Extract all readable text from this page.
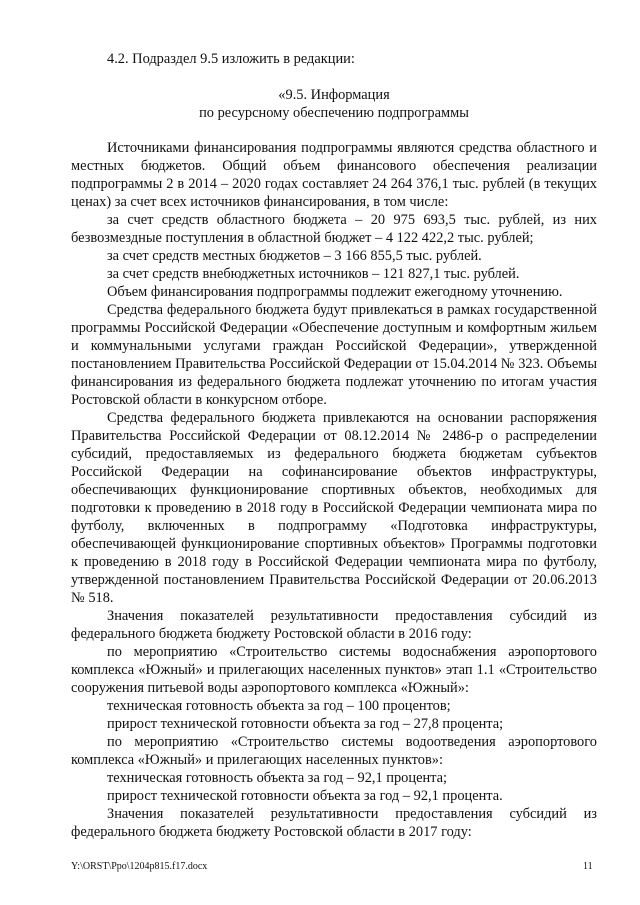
4.2. Подраздел 9.5 изложить в редакции:

«9.5. Информация

по ресурсному обеспечению подпрограммы

Источниками финансирования подпрограммы являются средства областного и местных бюджетов. Общий объем финансового обеспечения реализации подпрограммы 2 в 2014 – 2020 годах составляет 24 264 376,1 тыс. рублей (в текущих ценах) за счет всех источников финансирования, в том числе:

за счет средств областного бюджета – 20 975 693,5 тыс. рублей, из них безвозмездные поступления в областной бюджет – 4 122 422,2 тыс. рублей;

за счет средств местных бюджетов – 3 166 855,5 тыс. рублей.

за счет средств внебюджетных источников – 121 827,1 тыс. рублей.

Объем финансирования подпрограммы подлежит ежегодному уточнению.

Средства федерального бюджета будут привлекаться в рамках государственной программы Российской Федерации «Обеспечение доступным и комфортным жильем и коммунальными услугами граждан Российской Федерации», утвержденной постановлением Правительства Российской Федерации от 15.04.2014 № 323. Объемы финансирования из федерального бюджета подлежат уточнению по итогам участия Ростовской области в конкурсном отборе.

Средства федерального бюджета привлекаются на основании распоряжения Правительства Российской Федерации от 08.12.2014 № 2486-р о распределении субсидий, предоставляемых из федерального бюджета бюджетам субъектов Российской Федерации на софинансирование объектов инфраструктуры, обеспечивающих функционирование спортивных объектов, необходимых для подготовки к проведению в 2018 году в Российской Федерации чемпионата мира по футболу, включенных в подпрограмму «Подготовка инфраструктуры, обеспечивающей функционирование спортивных объектов» Программы подготовки к проведению в 2018 году в Российской Федерации чемпионата мира по футболу, утвержденной постановлением Правительства Российской Федерации от 20.06.2013 № 518.

Значения показателей результативности предоставления субсидий из федерального бюджета бюджету Ростовской области в 2016 году:

по мероприятию «Строительство системы водоснабжения аэропортового комплекса «Южный» и прилегающих населенных пунктов» этап 1.1 «Строительство сооружения питьевой воды аэропортового комплекса «Южный»:

техническая готовность объекта за год – 100 процентов;

прирост технической готовности объекта за год – 27,8 процента;

по мероприятию «Строительство системы водоотведения аэропортового комплекса «Южный» и прилегающих населенных пунктов»:

техническая готовность объекта за год – 92,1 процента;

прирост технической готовности объекта за год – 92,1 процента.

Значения показателей результативности предоставления субсидий из федерального бюджета бюджету Ростовской области в 2017 году:

Y:\ORST\Ppo\1204p815.f17.docx	11
